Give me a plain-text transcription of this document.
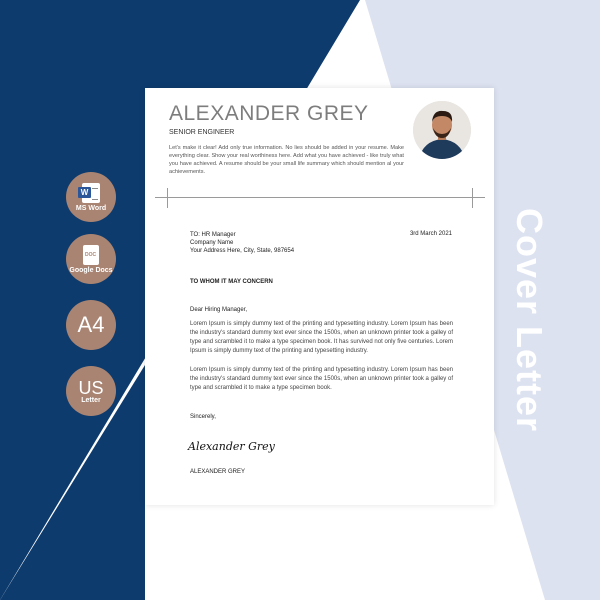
W
MS Word
DOC
Google Docs
A4
US
Letter
ALEXANDER GREY
SENIOR ENGINEER
Let's make it clear! Add only true information. No lies should be added in your resume. Make everything clear. Show your real worthiness here. Add what you have achieved - like truly what you have achieved. A resume should be your small life summary which should mention al your achievements.
TO: HR Manager
Company Name
Your Address Here, City, State, 987654
3rd March 2021
TO WHOM IT MAY CONCERN
Dear Hiring Manager,
Lorem Ipsum is simply dummy text of the printing and typesetting industry. Lorem Ipsum has been the industry's standard dummy text ever since the 1500s, when an unknown printer took a galley of type and scrambled it to make a type specimen book. It has survived not only five centuries. Lorem Ipsum is simply dummy text of the printing and typesetting industry.
Lorem Ipsum is simply dummy text of the printing and typesetting industry. Lorem Ipsum has been the industry's standard dummy text ever since the 1500s, when an unknown printer took a galley of type and scrambled it to make a type specimen book.
Sincerely,
Alexander Grey
ALEXANDER GREY
Cover Letter
